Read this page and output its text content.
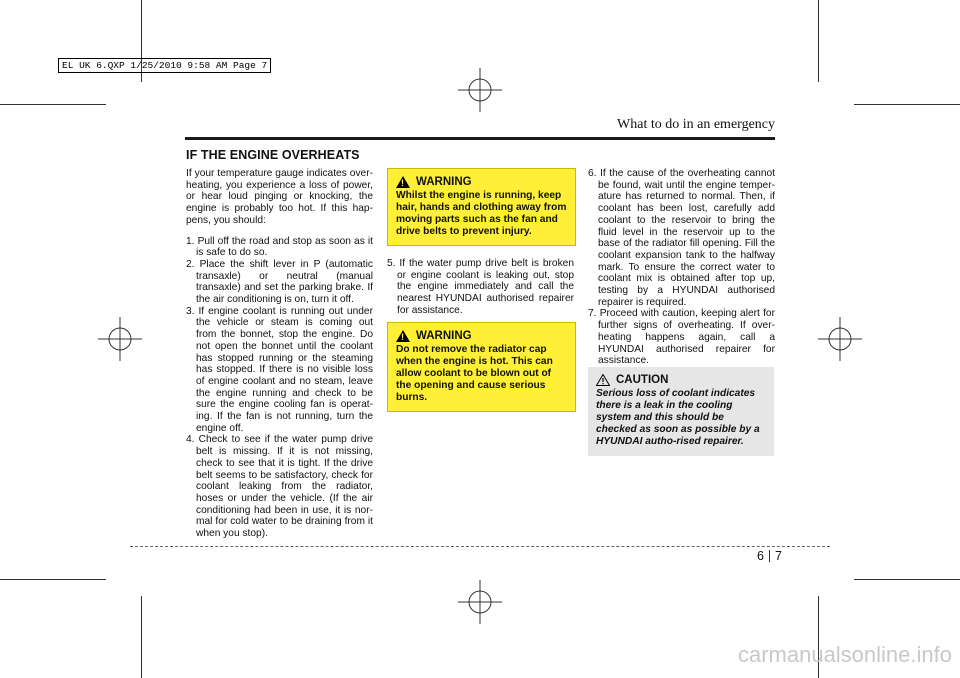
EL UK 6.QXP 1/25/2010 9:58 AM Page 7
What to do in an emergency
IF THE ENGINE OVERHEATS

If your temperature gauge indicates over-heating, you experience a loss of power, or hear loud pinging or knocking, the engine is probably too hot. If this hap-pens, you should:

1. Pull off the road and stop as soon as it is safe to do so.
2. Place the shift lever in P (automatic transaxle) or neutral (manual transaxle) and set the parking brake. If the air conditioning is on, turn it off.
3. If engine coolant is running out under the vehicle or steam is coming out from the bonnet, stop the engine. Do not open the bonnet until the coolant has stopped running or the steaming has stopped. If there is no visible loss of engine coolant and no steam, leave the engine running and check to be sure the engine cooling fan is operat-ing. If the fan is not running, turn the engine off.
4. Check to see if the water pump drive belt is missing. If it is not missing, check to see that it is tight. If the drive belt seems to be satisfactory, check for coolant leaking from the radiator, hoses or under the vehicle. (If the air conditioning had been in use, it is nor-mal for cold water to be draining from it when you stop).
!
WARNING
Whilst the engine is running, keep hair, hands and clothing away from moving parts such as the fan and drive belts to prevent injury.
5. If the water pump drive belt is broken or engine coolant is leaking out, stop the engine immediately and call the nearest HYUNDAI authorised repairer for assistance.
!
WARNING
Do not remove the radiator cap when the engine is hot. This can allow coolant to be blown out of the opening and cause serious burns.
6. If the cause of the overheating cannot be found, wait until the engine temper-ature has returned to normal. Then, if coolant has been lost, carefully add coolant to the reservoir to bring the fluid level in the reservoir up to the base of the radiator fill opening. Fill the coolant expansion tank to the halfway mark. To ensure the correct water to coolant mix is obtained after top up, testing by a HYUNDAI authorised repairer is required.
7. Proceed with caution, keeping alert for further signs of overheating. If over-heating happens again, call a HYUNDAI authorised repairer for assistance.
CAUTION
Serious loss of coolant indicates there is a leak in the cooling system and this should be checked as soon as possible by a HYUNDAI autho-rised repairer.
6 7
carmanualsonline.info
